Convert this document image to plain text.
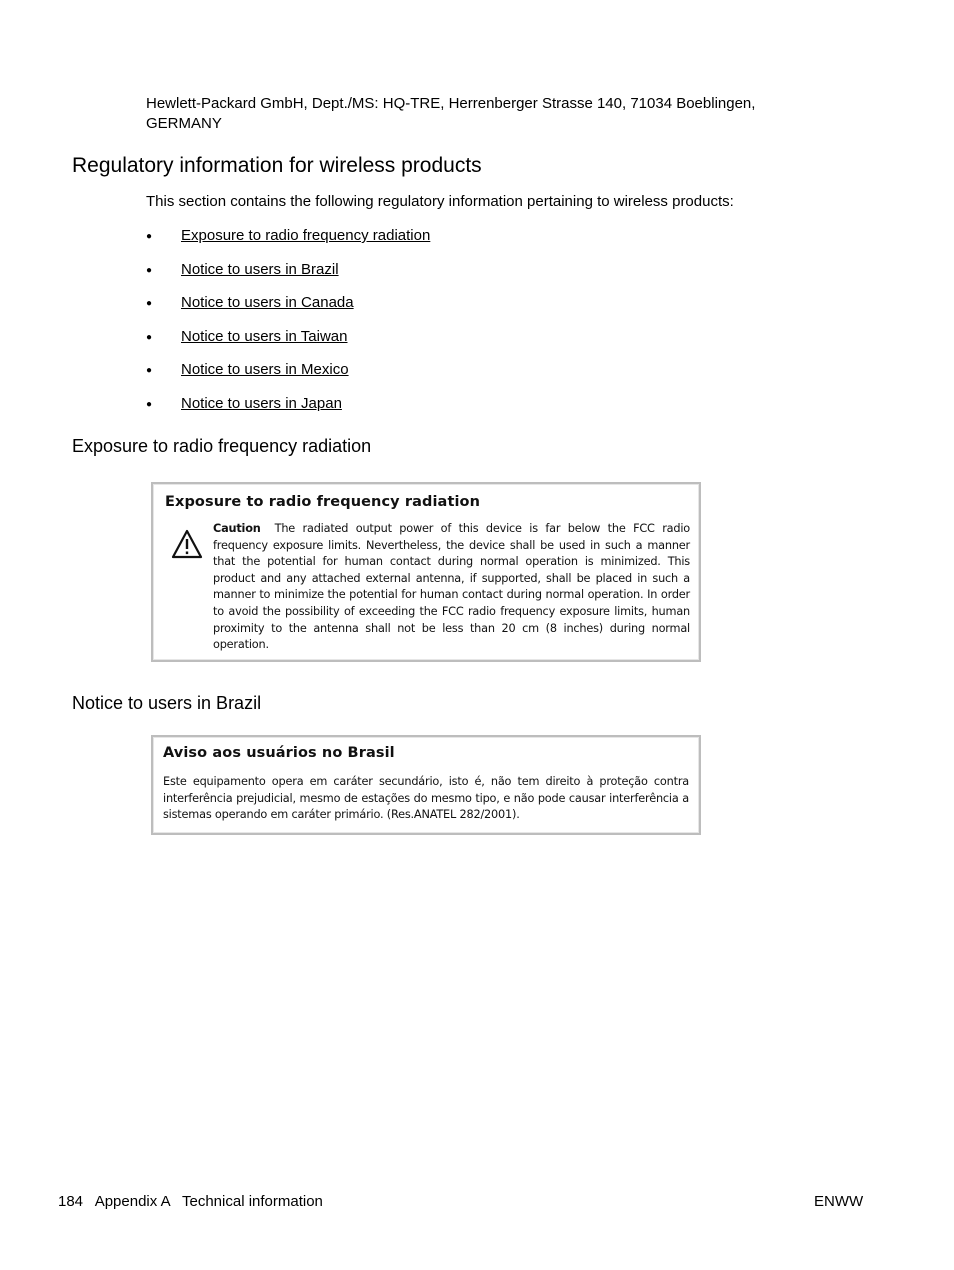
Hewlett-Packard GmbH, Dept./MS: HQ-TRE, Herrenberger Strasse 140, 71034 Boeblingen, GERMANY
Regulatory information for wireless products
This section contains the following regulatory information pertaining to wireless products:
●
Exposure to radio frequency radiation
●
Notice to users in Brazil
●
Notice to users in Canada
●
Notice to users in Taiwan
●
Notice to users in Mexico
●
Notice to users in Japan
Exposure to radio frequency radiation
Exposure to radio frequency radiation
Caution The radiated output power of this device is far below the FCC radio frequency exposure limits. Nevertheless, the device shall be used in such a manner that the potential for human contact during normal operation is minimized. This product and any attached external antenna, if supported, shall be placed in such a manner to minimize the potential for human contact during normal operation. In order to avoid the possibility of exceeding the FCC radio frequency exposure limits, human proximity to the antenna shall not be less than 20 cm (8 inches) during normal operation.
Notice to users in Brazil
Aviso aos usuários no Brasil
Este equipamento opera em caráter secundário, isto é, não tem direito à proteção contra interferência prejudicial, mesmo de estações do mesmo tipo, e não pode causar interferência a sistemas operando em caráter primário. (Res.ANATEL 282/2001).
184   Appendix A   Technical information	ENWW
